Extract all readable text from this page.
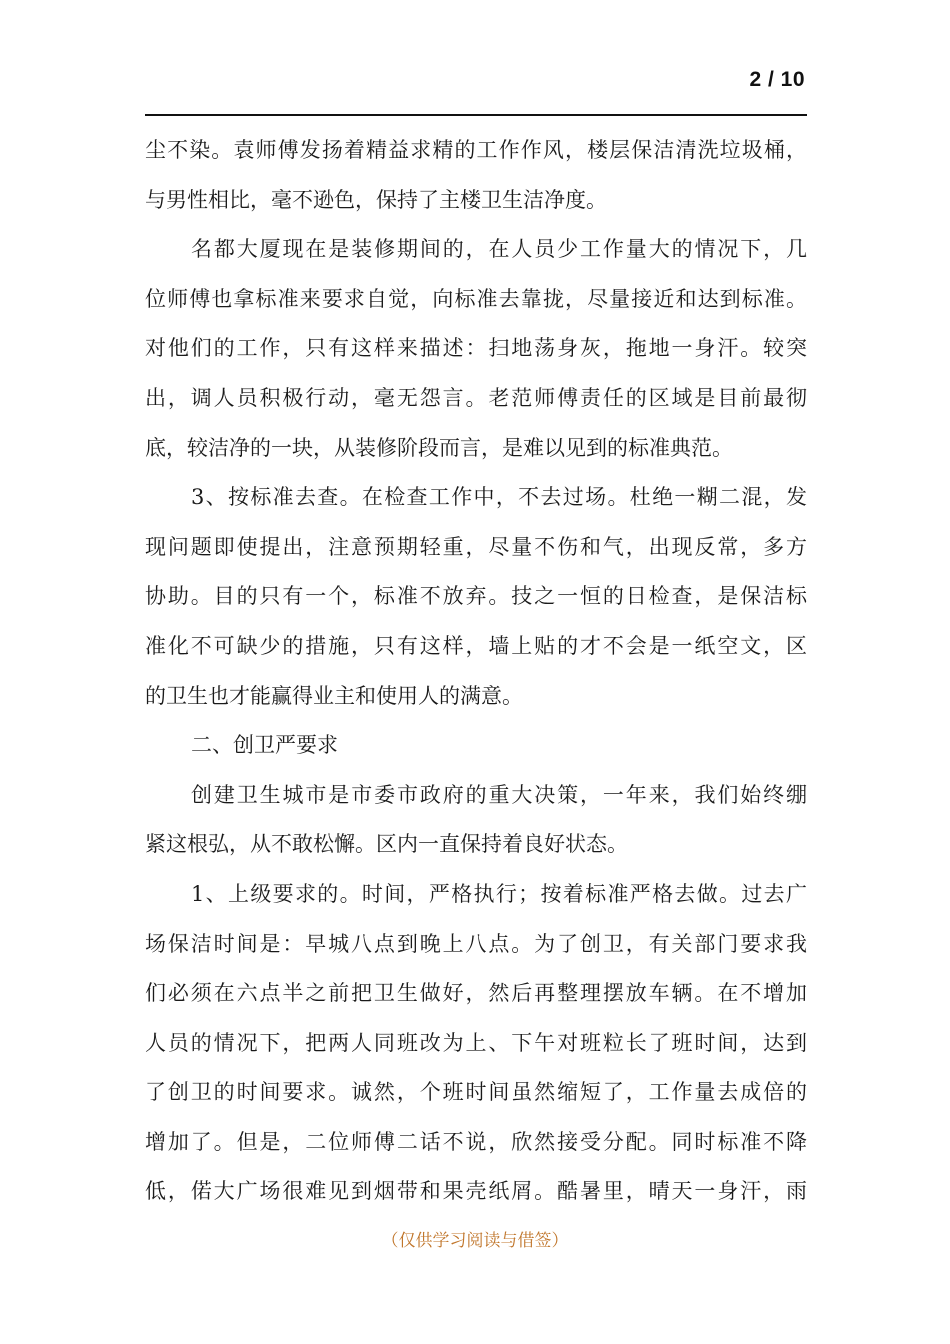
2 / 10
尘不染。袁师傅发扬着精益求精的工作作风，楼层保洁清洗垃圾桶，
与男性相比，毫不逊色，保持了主楼卫生洁净度。
名都大厦现在是装修期间的，在人员少工作量大的情况下，几
位师傅也拿标准来要求自觉，向标准去靠拢，尽量接近和达到标准。
对他们的工作，只有这样来描述：扫地荡身灰，拖地一身汗。较突
出，调人员积极行动，毫无怨言。老范师傅责任的区域是目前最彻
底，较洁净的一块，从装修阶段而言，是难以见到的标准典范。
3、按标准去查。在检查工作中，不去过场。杜绝一糊二混，发
现问题即使提出，注意预期轻重，尽量不伤和气，出现反常，多方
协助。目的只有一个，标准不放弃。技之一恒的日检查，是保洁标
准化不可缺少的措施，只有这样，墙上贴的才不会是一纸空文，区
的卫生也才能赢得业主和使用人的满意。
二、创卫严要求
创建卫生城市是市委市政府的重大决策，一年来，我们始终绷
紧这根弘，从不敢松懈。区内一直保持着良好状态。
1、上级要求的。时间，严格执行；按着标准严格去做。过去广
场保洁时间是：早城八点到晚上八点。为了创卫，有关部门要求我
们必须在六点半之前把卫生做好，然后再整理摆放车辆。在不增加
人员的情况下，把两人同班改为上、下午对班粒长了班时间，达到
了创卫的时间要求。诚然，个班时间虽然缩短了，工作量去成倍的
增加了。但是，二位师傅二话不说，欣然接受分配。同时标准不降
低，偌大广场很难见到烟带和果壳纸屑。酷暑里，晴天一身汗，雨
（仅供学习阅读与借签）
